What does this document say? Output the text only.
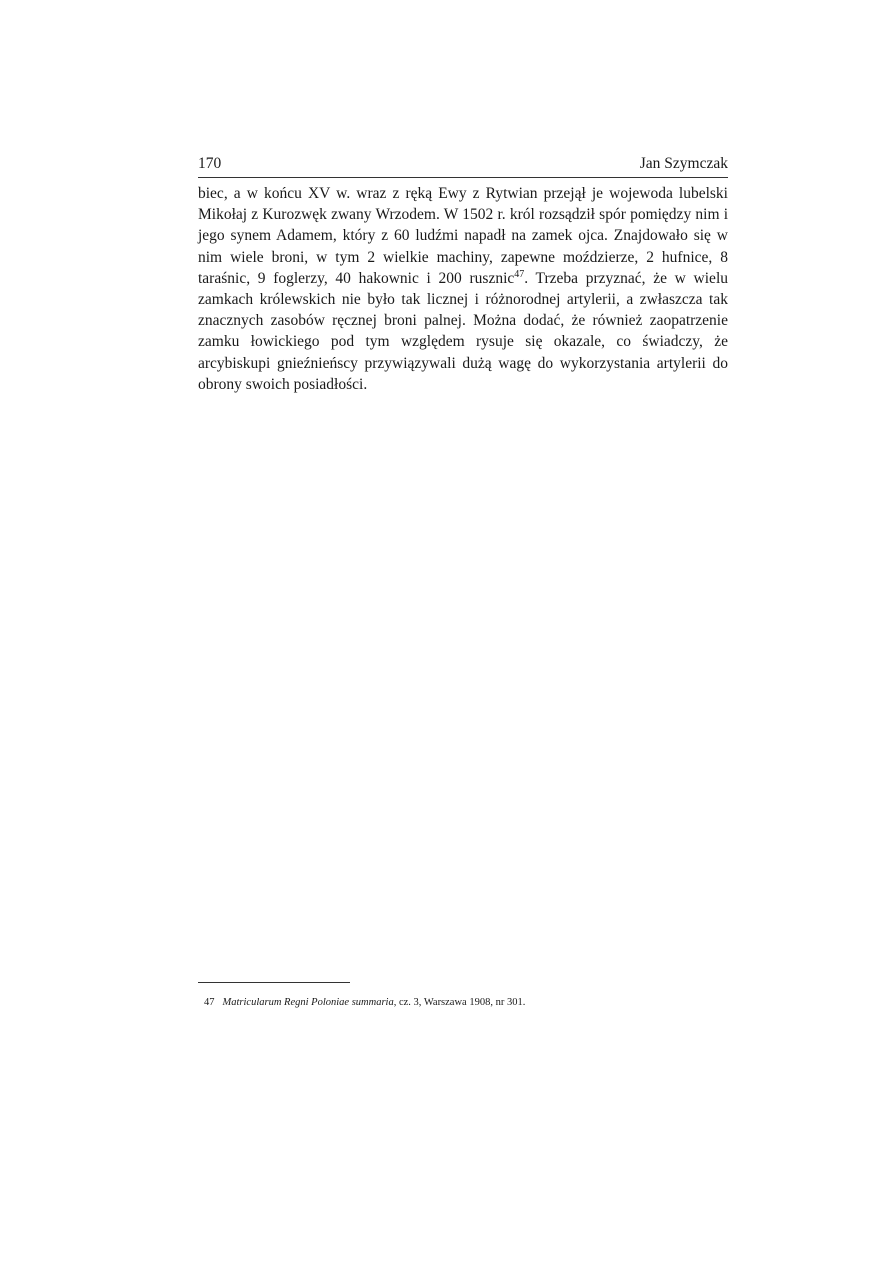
170	Jan Szymczak

biec, a w końcu XV w. wraz z ręką Ewy z Rytwian przejął je wojewoda lubelski Mikołaj z Kurozwęk zwany Wrzodem. W 1502 r. król rozsądził spór pomiędzy nim i jego synem Adamem, który z 60 ludźmi napadł na zamek ojca. Znajdowało się w nim wiele broni, w tym 2 wielkie machiny, zapewne moździerze, 2 hufnice, 8 taraśnic, 9 foglerzy, 40 hakownic i 200 rusznic$^{47}$. Trzeba przyznać, że w wielu zamkach królewskich nie było tak licznej i różnorodnej artylerii, a zwłaszcza tak znacznych zasobów ręcznej broni palnej. Można dodać, że również zaopatrzenie zamku łowickiego pod tym względem rysuje się okazale, co świadczy, że arcybiskupi gnieźnieńscy przywiązywali dużą wagę do wykorzystania artylerii do obrony swoich posiadłości.

47 Matricularum Regni Poloniae summaria, cz. 3, Warszawa 1908, nr 301.
